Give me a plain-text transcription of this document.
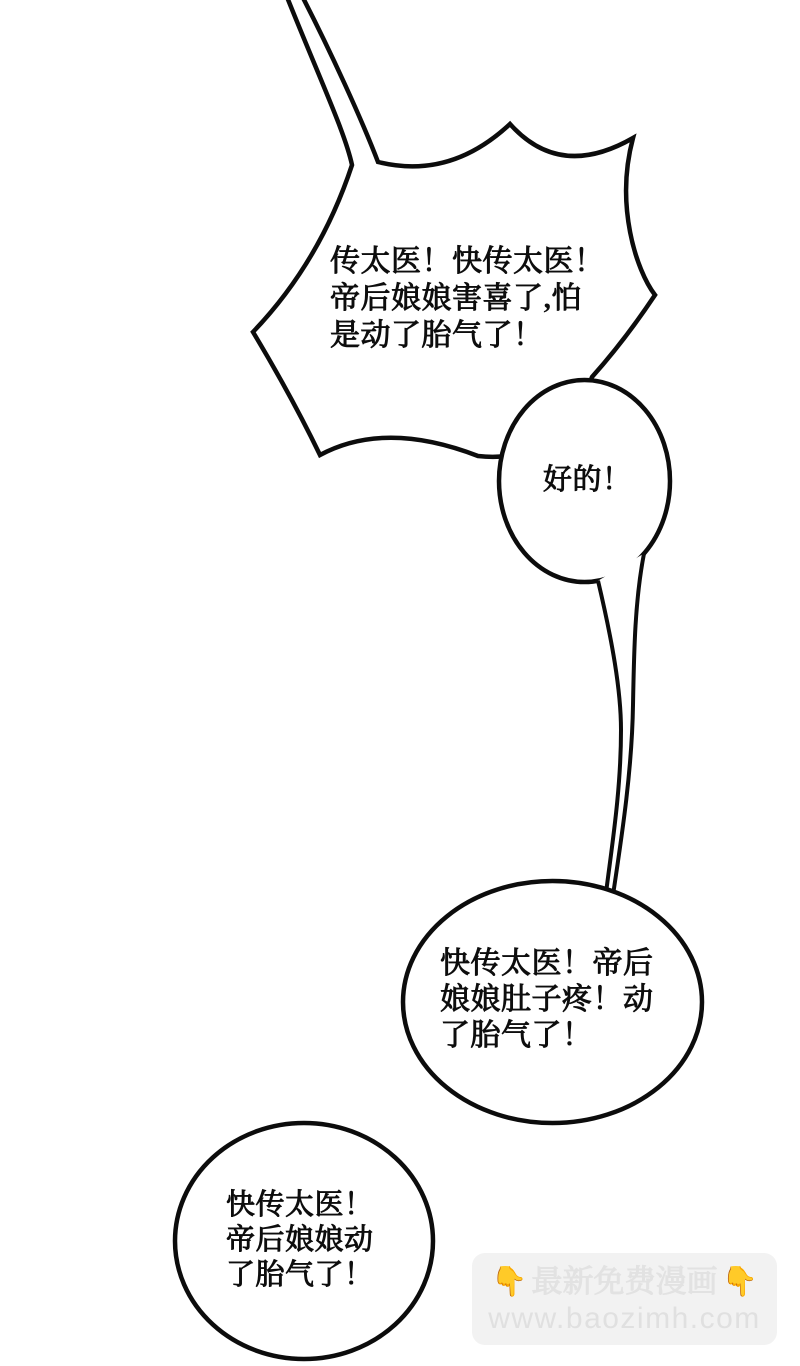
传太医！快传太医！
帝后娘娘害喜了,怕
是动了胎气了！
好的！
快传太医！帝后
娘娘肚子疼！动
了胎气了！
快传太医！
帝后娘娘动
了胎气了！	👇 最新免费漫画 👇
www.baozimh.com
